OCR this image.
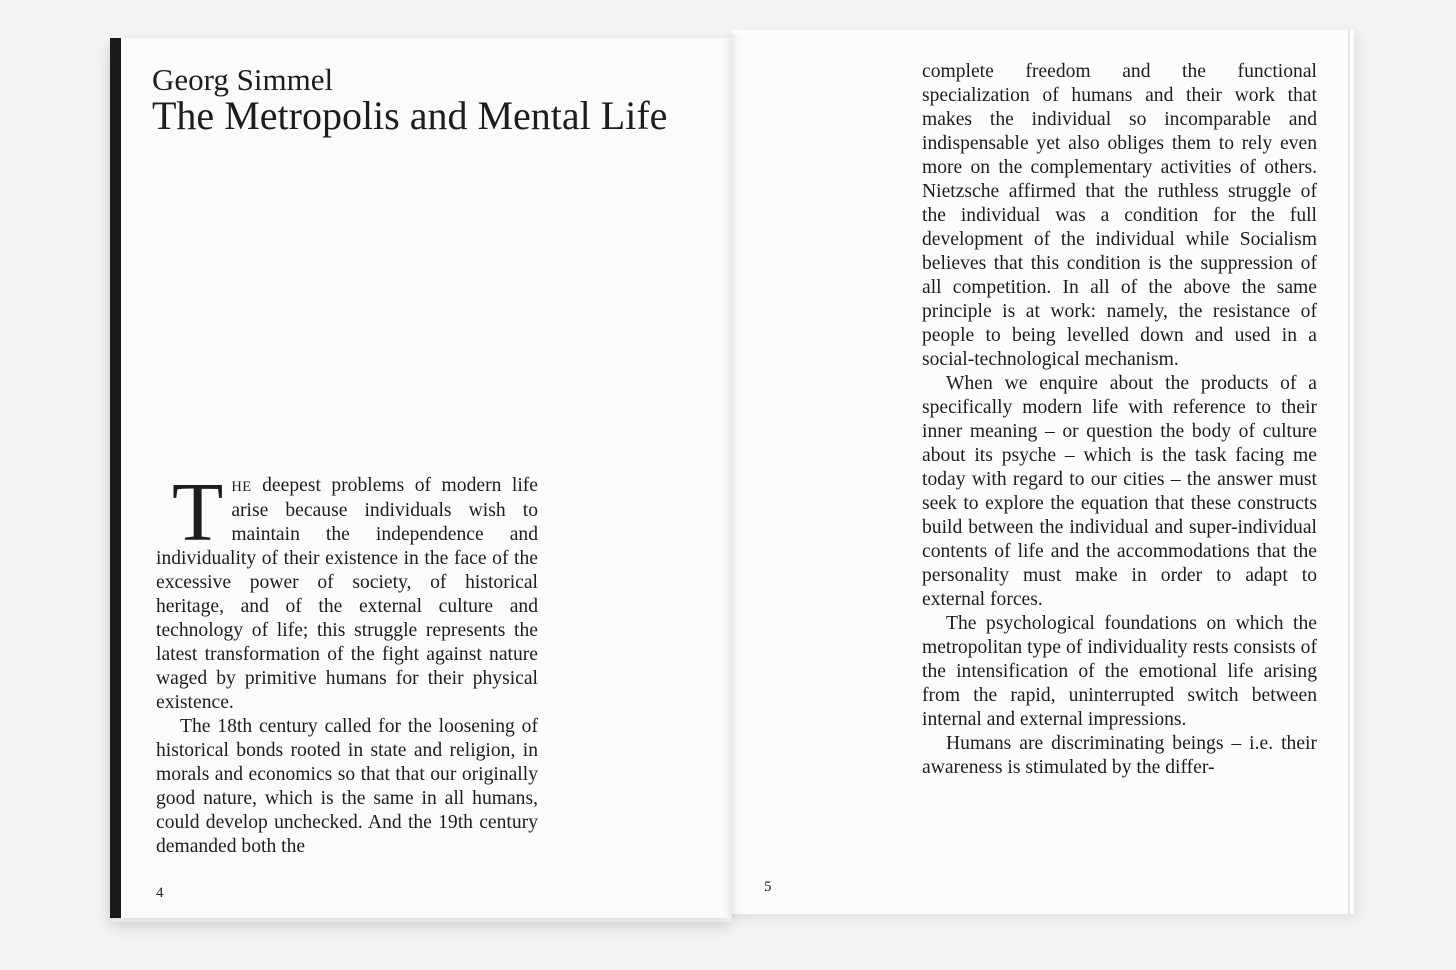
Georg Simmel
The Metropolis and Mental Life

THE deepest problems of modern life arise because individuals wish to maintain the independence and individuality of their existence in the face of the excessive power of society, of historical heritage, and of the external culture and technology of life; this struggle represents the latest transformation of the fight against nature waged by primitive humans for their physical existence.

The 18th century called for the loosening of historical bonds rooted in state and religion, in morals and economics so that that our originally good nature, which is the same in all humans, could develop unchecked. And the 19th century demanded both the

complete freedom and the functional specialization of humans and their work that makes the individual so incomparable and indispensable yet also obliges them to rely even more on the complementary activities of others. Nietzsche affirmed that the ruthless struggle of the individual was a condition for the full development of the individual while Socialism believes that this condition is the suppression of all competition. In all of the above the same principle is at work: namely, the resistance of people to being levelled down and used in a social-technological mechanism.

When we enquire about the products of a specifically modern life with reference to their inner meaning – or question the body of culture about its psyche – which is the task facing me today with regard to our cities – the answer must seek to explore the equation that these constructs build between the individual and super-individual contents of life and the accommodations that the personality must make in order to adapt to external forces.

The psychological foundations on which the metropolitan type of individuality rests consists of the intensification of the emotional life arising from the rapid, uninterrupted switch between internal and external impressions.

Humans are discriminating beings – i.e. their awareness is stimulated by the differ-

4	5
